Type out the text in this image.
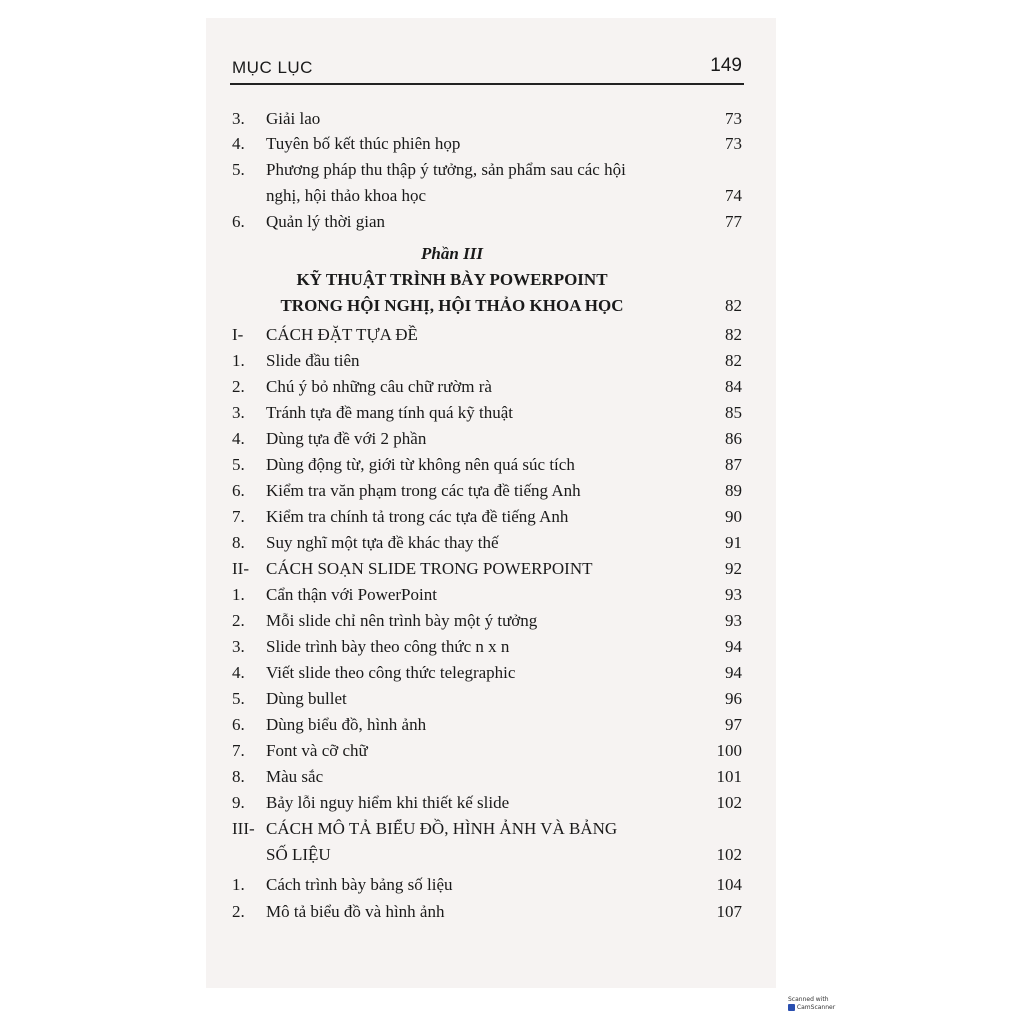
MỤC LỤC	149
3. Giải lao	73
4. Tuyên bố kết thúc phiên họp	73
5. Phương pháp thu thập ý tưởng, sản phẩm sau các hội
nghị, hội thảo khoa học	74
6. Quản lý thời gian	77
Phần III
KỸ THUẬT TRÌNH BÀY POWERPOINT
TRONG HỘI NGHỊ, HỘI THẢO KHOA HỌC	82
I- CÁCH ĐẶT TỰA ĐỀ	82
1. Slide đầu tiên	82
2. Chú ý bỏ những câu chữ rườm rà	84
3. Tránh tựa đề mang tính quá kỹ thuật	85
4. Dùng tựa đề với 2 phần	86
5. Dùng động từ, giới từ không nên quá súc tích	87
6. Kiểm tra văn phạm trong các tựa đề tiếng Anh	89
7. Kiểm tra chính tả trong các tựa đề tiếng Anh	90
8. Suy nghĩ một tựa đề khác thay thế	91
II- CÁCH SOẠN SLIDE TRONG POWERPOINT	92
1. Cẩn thận với PowerPoint	93
2. Mỗi slide chỉ nên trình bày một ý tưởng	93
3. Slide trình bày theo công thức n x n	94
4. Viết slide theo công thức telegraphic	94
5. Dùng bullet	96
6. Dùng biểu đồ, hình ảnh	97
7. Font và cỡ chữ	100
8. Màu sắc	101
9. Bảy lỗi nguy hiểm khi thiết kế slide	102
III- CÁCH MÔ TẢ BIỂU ĐỒ, HÌNH ẢNH VÀ BẢNG
SỐ LIỆU	102
1. Cách trình bày bảng số liệu	104
2. Mô tả biểu đồ và hình ảnh	107
Scanned with
CamScanner
